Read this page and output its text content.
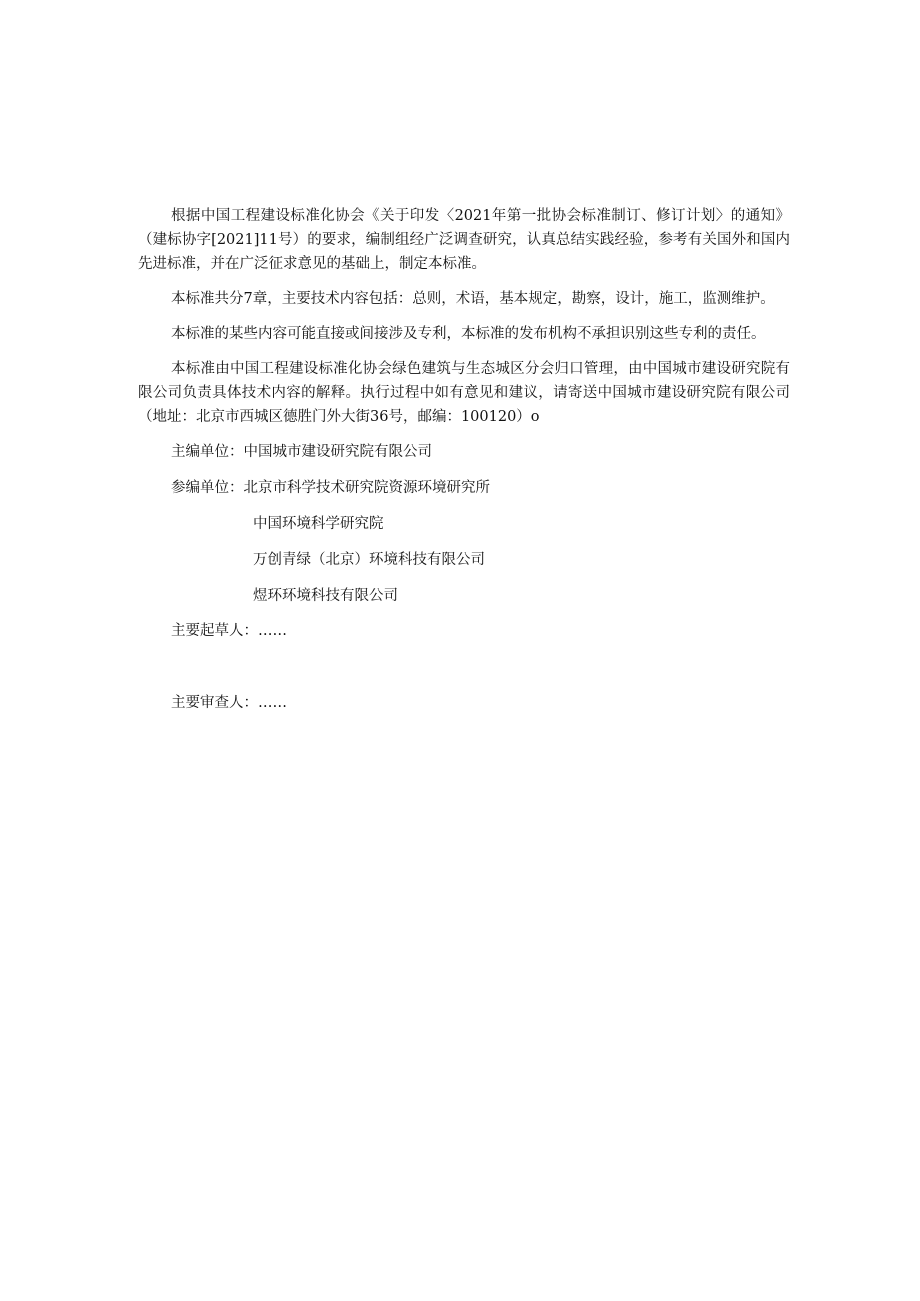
根据中国工程建设标准化协会《关于印发〈2021年第一批协会标准制订、修订计划〉的通知》（建标协字[2021]11号）的要求，编制组经广泛调查研究，认真总结实践经验，参考有关国外和国内先进标准，并在广泛征求意见的基础上，制定本标准。

本标准共分7章，主要技术内容包括：总则，术语，基本规定，勘察，设计，施工，监测维护。

本标准的某些内容可能直接或间接涉及专利，本标准的发布机构不承担识别这些专利的责任。

本标准由中国工程建设标准化协会绿色建筑与生态城区分会归口管理，由中国城市建设研究院有限公司负责具体技术内容的解释。执行过程中如有意见和建议，请寄送中国城市建设研究院有限公司（地址：北京市西城区德胜门外大街36号，邮编：100120）o

主编单位：中国城市建设研究院有限公司
参编单位：北京市科学技术研究院资源环境研究所
中国环境科学研究院
万创青绿（北京）环境科技有限公司
煜环环境科技有限公司
主要起草人：……
主要审查人：……
